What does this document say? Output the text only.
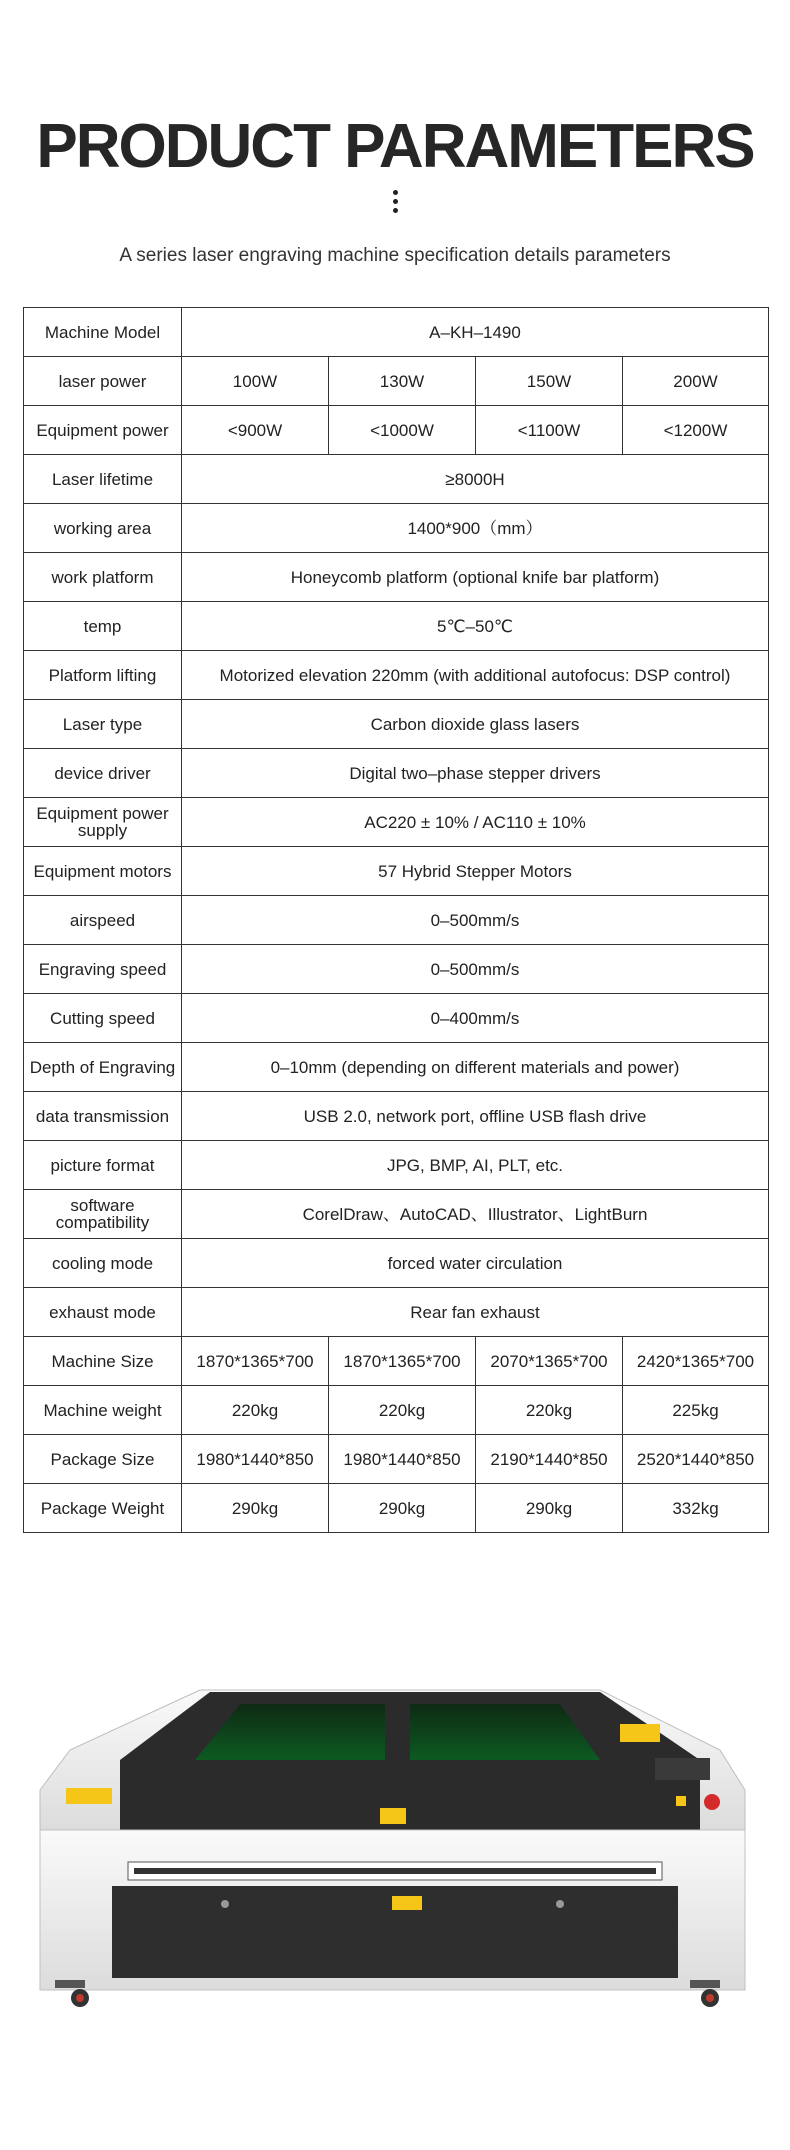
PRODUCT PARAMETERS
A series laser engraving machine specification details parameters
Machine Model	A–KH–1490			
laser power	100W	130W	150W	200W
Equipment power	<900W	<1000W	<1100W	<1200W
Laser lifetime	≥8000H			
working area	1400*900（mm）			
work platform	Honeycomb platform (optional knife bar platform)			
temp	5℃–50℃			
Platform lifting	Motorized elevation 220mm (with additional autofocus: DSP control)			
Laser type	Carbon dioxide glass lasers			
device driver	Digital two–phase stepper drivers			
Equipment power supply	AC220 ± 10% / AC110 ± 10%			
Equipment motors	57 Hybrid Stepper Motors			
airspeed	0–500mm/s			
Engraving speed	0–500mm/s			
Cutting speed	0–400mm/s			
Depth of Engraving	0–10mm (depending on different materials and power)			
data transmission	USB 2.0, network port, offline USB flash drive			
picture format	JPG, BMP, AI, PLT, etc.			
software compatibility	CorelDraw、AutoCAD、Illustrator、LightBurn			
cooling mode	forced water circulation			
exhaust mode	Rear fan exhaust			
Machine Size	1870*1365*700	1870*1365*700	2070*1365*700	2420*1365*700
Machine weight	220kg	220kg	220kg	225kg
Package Size	1980*1440*850	1980*1440*850	2190*1440*850	2520*1440*850
Package Weight	290kg	290kg	290kg	332kg
